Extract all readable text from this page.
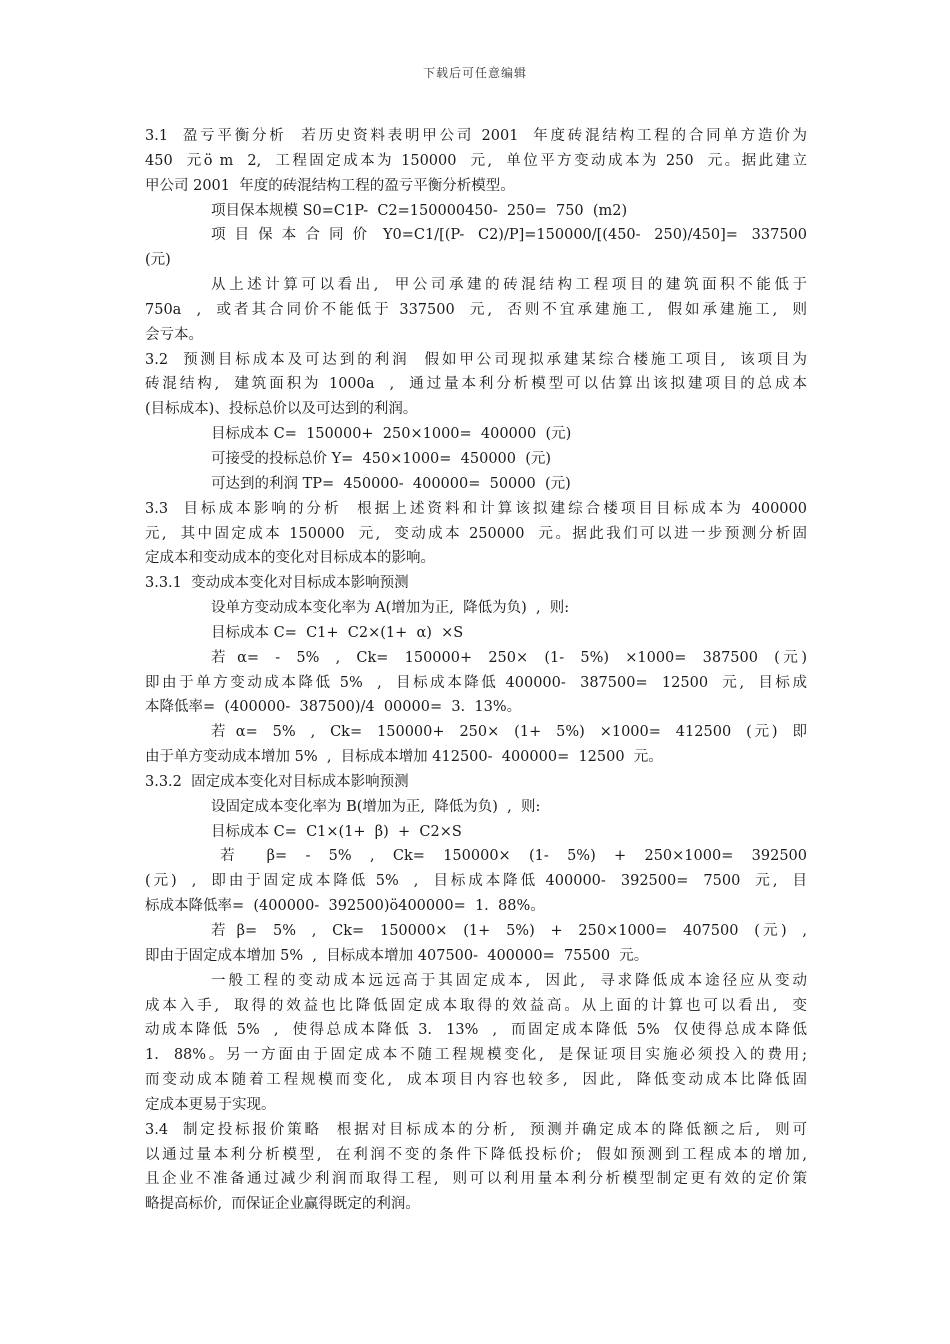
下载后可任意编辑
3.1  盈亏平衡分析  若历史资料表明甲公司 2001  年度砖混结构工程的合同单方造价为
450  元ö m  2,  工程固定成本为 150000  元,  单位平方变动成本为 250  元。据此建立
甲公司 2001  年度的砖混结构工程的盈亏平衡分析模型。
项目保本规模 S0=C1P-  C2=150000450-  250=  750  (m2)
项 目 保 本 合 同 价  Y0=C1/[(P-  C2)/P]=150000/[(450-  250)/450]=  337500
(元)
从上述计算可以看出,  甲公司承建的砖混结构工程项目的建筑面积不能低于
750a  ,  或者其合同价不能低于 337500  元,  否则不宜承建施工,  假如承建施工,  则
会亏本。
3.2  预测目标成本及可达到的利润  假如甲公司现拟承建某综合楼施工项目,  该项目为
砖混结构,  建筑面积为 1000a  ,  通过量本利分析模型可以估算出该拟建项目的总成本
(目标成本)、投标总价以及可达到的利润。
目标成本 C=  150000+  250×1000=  400000  (元)
可接受的投标总价 Y=  450×1000=  450000  (元)
可达到的利润 TP=  450000-  400000=  50000  (元)
3.3  目标成本影响的分析  根据上述资料和计算该拟建综合楼项目目标成本为 400000
元,  其中固定成本 150000  元,  变动成本 250000  元。据此我们可以进一步预测分析固
定成本和变动成本的变化对目标成本的影响。
3.3.1  变动成本变化对目标成本影响预测
设单方变动成本变化率为 A(增加为正,  降低为负)  ,  则:
目标成本 C=  C1+  C2×(1+  α)  ×S
若 α=  -  5%  ,  Ck=  150000+  250×  (1-  5%)  ×1000=  387500  (元)
即由于单方变动成本降低 5%  ,  目标成本降低 400000-  387500=  12500  元,  目标成
本降低率=  (400000-  387500)/4  00000=  3.  13%。
若 α=  5%  ,  Ck=  150000+  250×  (1+  5%)  ×1000=  412500  (元)  即
由于单方变动成本增加 5%  ,  目标成本增加 412500-  400000=  12500  元。
3.3.2  固定成本变化对目标成本影响预测
设固定成本变化率为 B(增加为正,  降低为负)  ,  则:
目标成本 C=  C1×(1+  β)  +  C2×S
若   β=  -  5%  ,  Ck=  150000×  (1-  5%)  +  250×1000=  392500
(元)  ,  即由于固定成本降低 5%  ,  目标成本降低 400000-  392500=  7500  元,  目
标成本降低率=  (400000-  392500)ö400000=  1.  88%。
若 β=  5%  ,  Ck=  150000×  (1+  5%)  +  250×1000=  407500  (元)  ,
即由于固定成本增加 5%  ,  目标成本增加 407500-  400000=  75500  元。
一般工程的变动成本远远高于其固定成本,  因此,  寻求降低成本途径应从变动
成本入手,  取得的效益也比降低固定成本取得的效益高。从上面的计算也可以看出,  变
动成本降低 5%  ,  使得总成本降低 3.  13%  ,  而固定成本降低 5%  仅使得总成本降低
1.  88%。另一方面由于固定成本不随工程规模变化,  是保证项目实施必须投入的费用;
而变动成本随着工程规模而变化,  成本项目内容也较多,  因此,  降低变动成本比降低固
定成本更易于实现。
3.4  制定投标报价策略  根据对目标成本的分析,  预测并确定成本的降低额之后,  则可
以通过量本利分析模型,  在利润不变的条件下降低投标价;  假如预测到工程成本的增加,
且企业不准备通过减少利润而取得工程,  则可以利用量本利分析模型制定更有效的定价策
略提高标价,  而保证企业赢得既定的利润。
